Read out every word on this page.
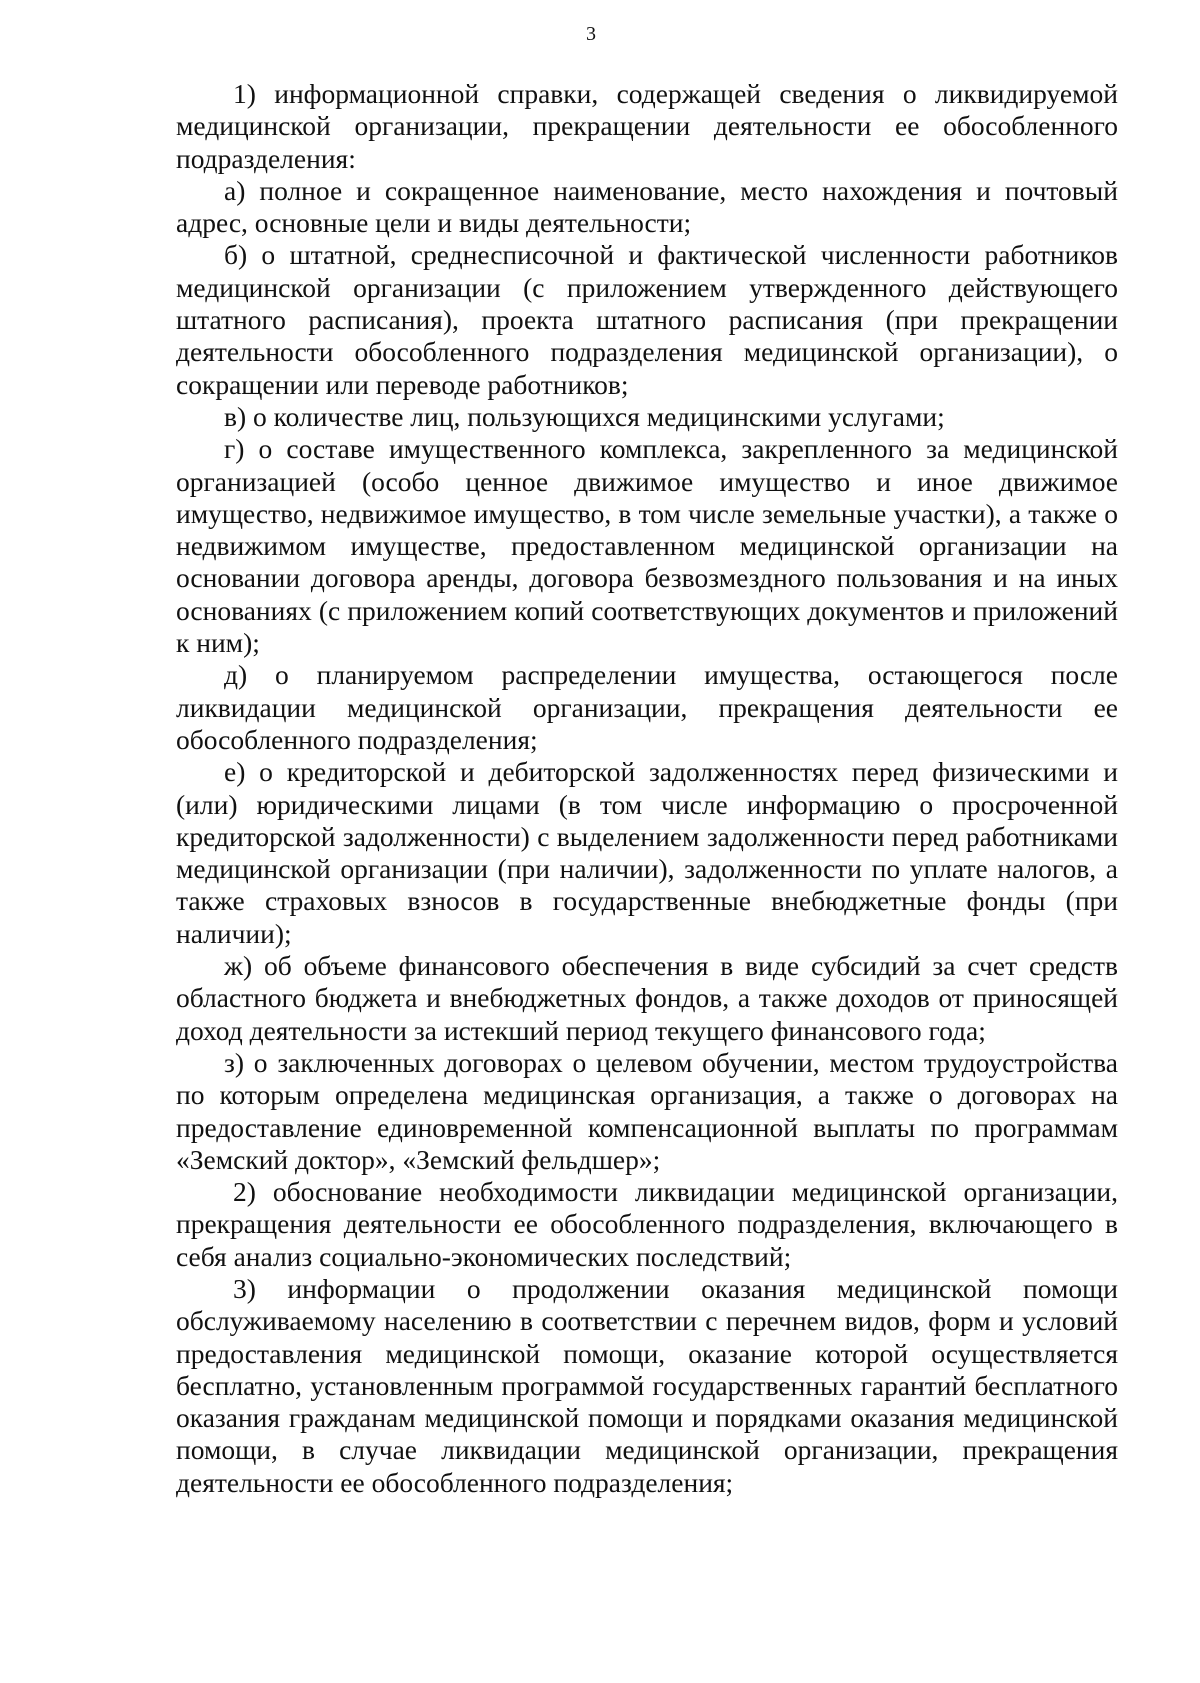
3

1) информационной справки, содержащей сведения о ликвидируемой медицинской организации, прекращении деятельности ее обособленного подразделения:

а) полное и сокращенное наименование, место нахождения и почтовый адрес, основные цели и виды деятельности;

б) о штатной, среднесписочной и фактической численности работников медицинской организации (с приложением утвержденного действующего штатного расписания), проекта штатного расписания (при прекращении деятельности обособленного подразделения медицинской организации), о сокращении или переводе работников;

в) о количестве лиц, пользующихся медицинскими услугами;

г) о составе имущественного комплекса, закрепленного за медицинской организацией (особо ценное движимое имущество и иное движимое имущество, недвижимое имущество, в том числе земельные участки), а также о недвижимом имуществе, предоставленном медицинской организации на основании договора аренды, договора безвозмездного пользования и на иных основаниях (с приложением копий соответствующих документов и приложений к ним);

д) о планируемом распределении имущества, остающегося после ликвидации медицинской организации, прекращения деятельности ее обособленного подразделения;

е) о кредиторской и дебиторской задолженностях перед физическими и (или) юридическими лицами (в том числе информацию о просроченной кредиторской задолженности) с выделением задолженности перед работниками медицинской организации (при наличии), задолженности по уплате налогов, а также страховых взносов в государственные внебюджетные фонды (при наличии);

ж) об объеме финансового обеспечения в виде субсидий за счет средств областного бюджета и внебюджетных фондов, а также доходов от приносящей доход деятельности за истекший период текущего финансового года;

з) о заключенных договорах о целевом обучении, местом трудоустройства по которым определена медицинская организация, а также о договорах на предоставление единовременной компенсационной выплаты по программам «Земский доктор», «Земский фельдшер»;

2) обоснование необходимости ликвидации медицинской организации, прекращения деятельности ее обособленного подразделения, включающего в себя анализ социально-экономических последствий;

3) информации о продолжении оказания медицинской помощи обслуживаемому населению в соответствии с перечнем видов, форм и условий предоставления медицинской помощи, оказание которой осуществляется бесплатно, установленным программой государственных гарантий бесплатного оказания гражданам медицинской помощи и порядками оказания медицинской помощи, в случае ликвидации медицинской организации, прекращения деятельности ее обособленного подразделения;
